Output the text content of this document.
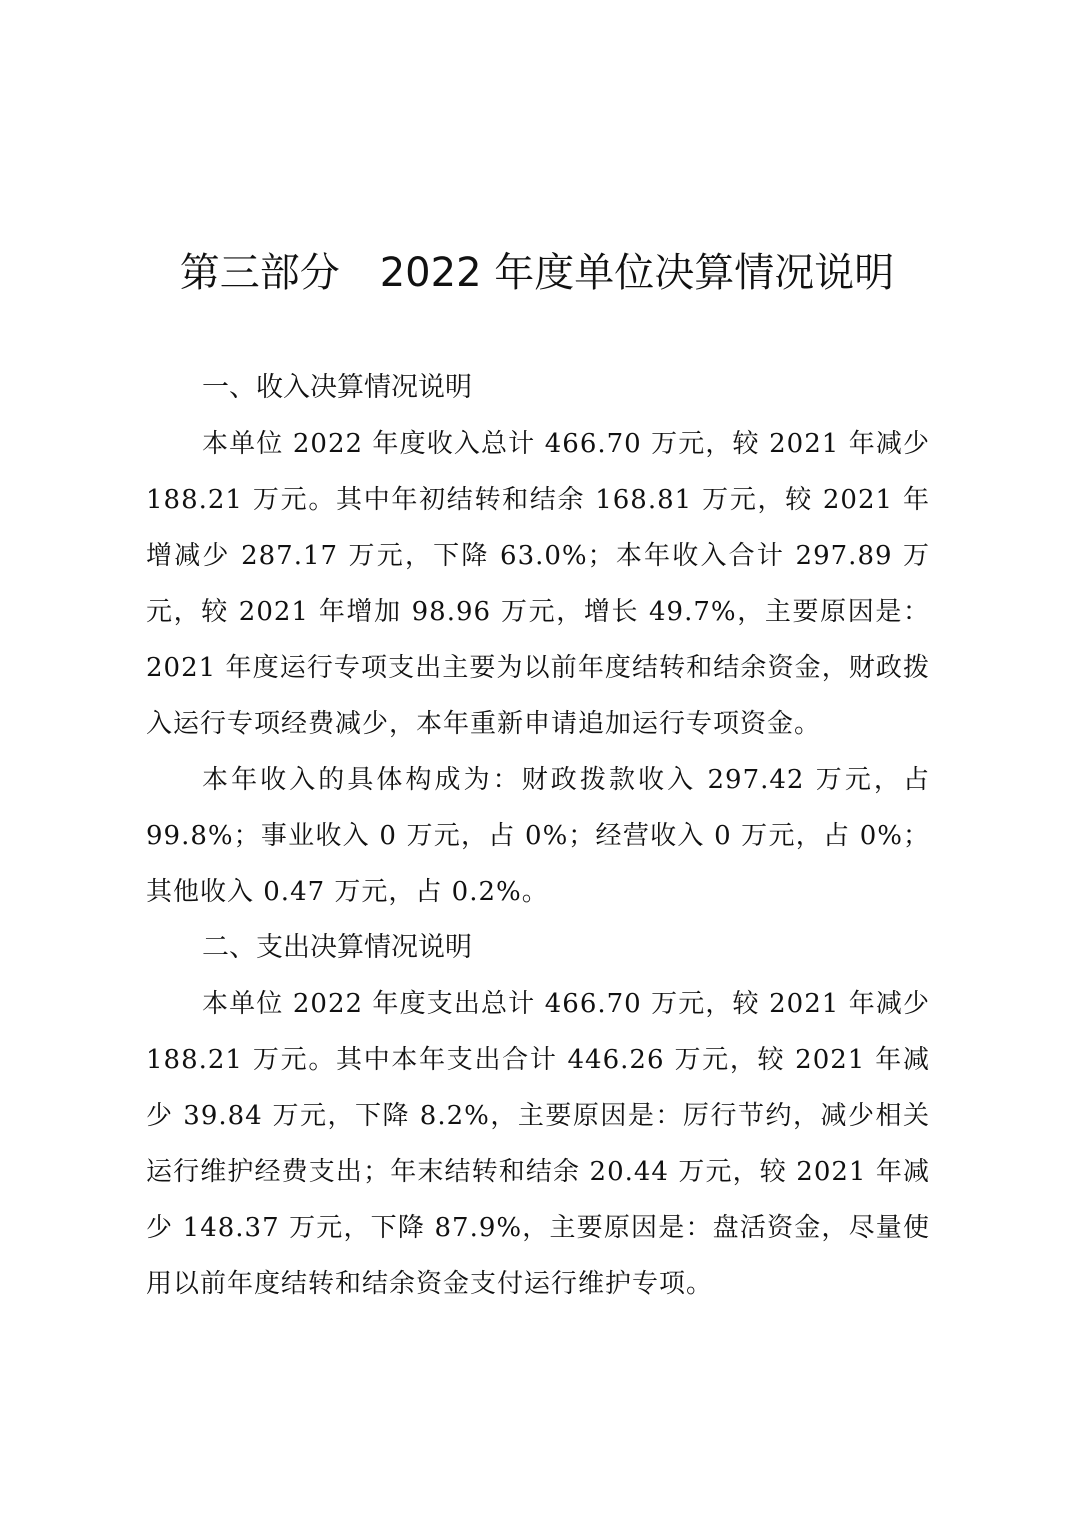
第三部分　2022 年度单位决算情况说明
一、收入决算情况说明

本单位 2022 年度收入总计 466.70 万元，较 2021 年减少 188.21 万元。其中年初结转和结余 168.81 万元，较 2021 年增减少 287.17 万元，下降 63.0%；本年收入合计 297.89 万元，较 2021 年增加 98.96 万元，增长 49.7%，主要原因是：2021 年度运行专项支出主要为以前年度结转和结余资金，财政拨入运行专项经费减少，本年重新申请追加运行专项资金。

本年收入的具体构成为：财政拨款收入 297.42 万元，占 99.8%；事业收入 0 万元，占 0%；经营收入 0 万元，占 0%；其他收入 0.47 万元，占 0.2%。

二、支出决算情况说明

本单位 2022 年度支出总计 466.70 万元，较 2021 年减少 188.21 万元。其中本年支出合计 446.26 万元，较 2021 年减少 39.84 万元，下降 8.2%，主要原因是：厉行节约，减少相关运行维护经费支出；年末结转和结余 20.44 万元，较 2021 年减少 148.37 万元，下降 87.9%，主要原因是：盘活资金，尽量使用以前年度结转和结余资金支付运行维护专项。
